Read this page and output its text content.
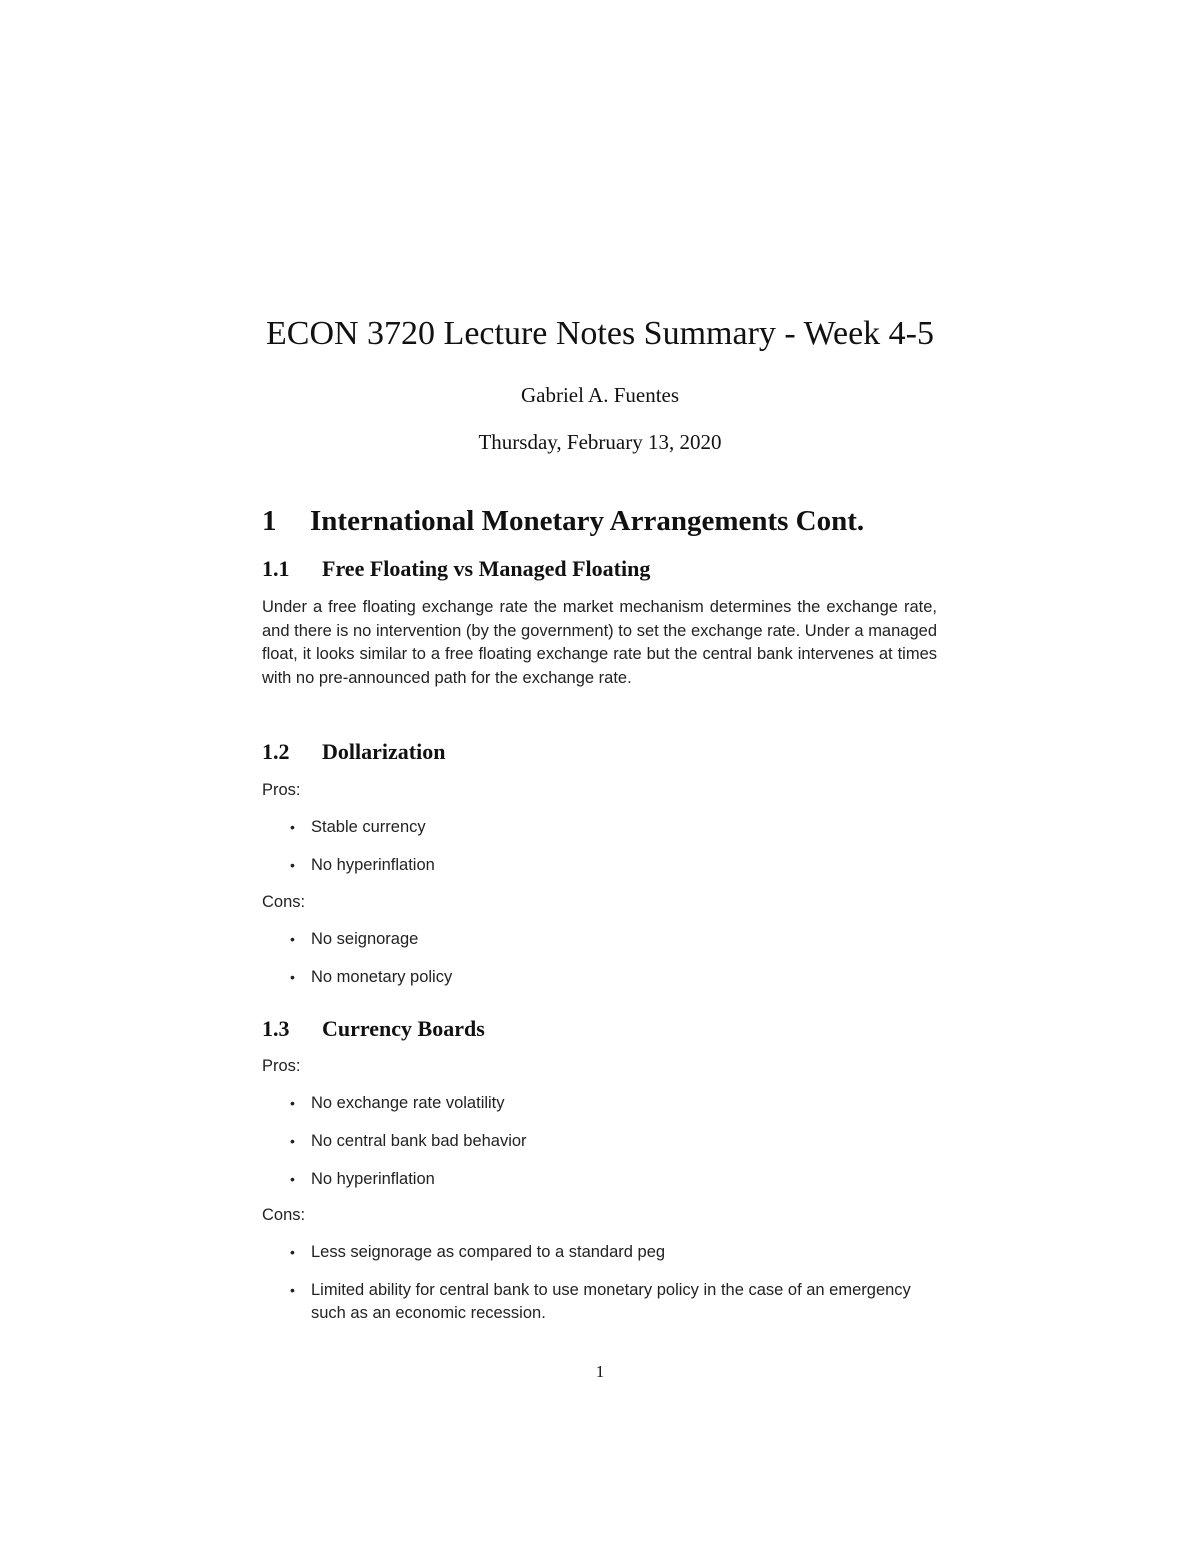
ECON 3720 Lecture Notes Summary - Week 4-5
Gabriel A. Fuentes
Thursday, February 13, 2020
1 International Monetary Arrangements Cont.
1.1 Free Floating vs Managed Floating

Under a free floating exchange rate the market mechanism determines the exchange rate, and there is no intervention (by the government) to set the exchange rate. Under a managed float, it looks similar to a free floating exchange rate but the central bank intervenes at times with no pre-announced path for the exchange rate.

1.2 Dollarization

Pros:

• Stable currency
• No hyperinflation

Cons:

• No seignorage
• No monetary policy
1.3 Currency Boards

Pros:

• No exchange rate volatility
• No central bank bad behavior
• No hyperinflation

Cons:

• Less seignorage as compared to a standard peg
• Limited ability for central bank to use monetary policy in the case of an emergency such as an economic recession.
1
